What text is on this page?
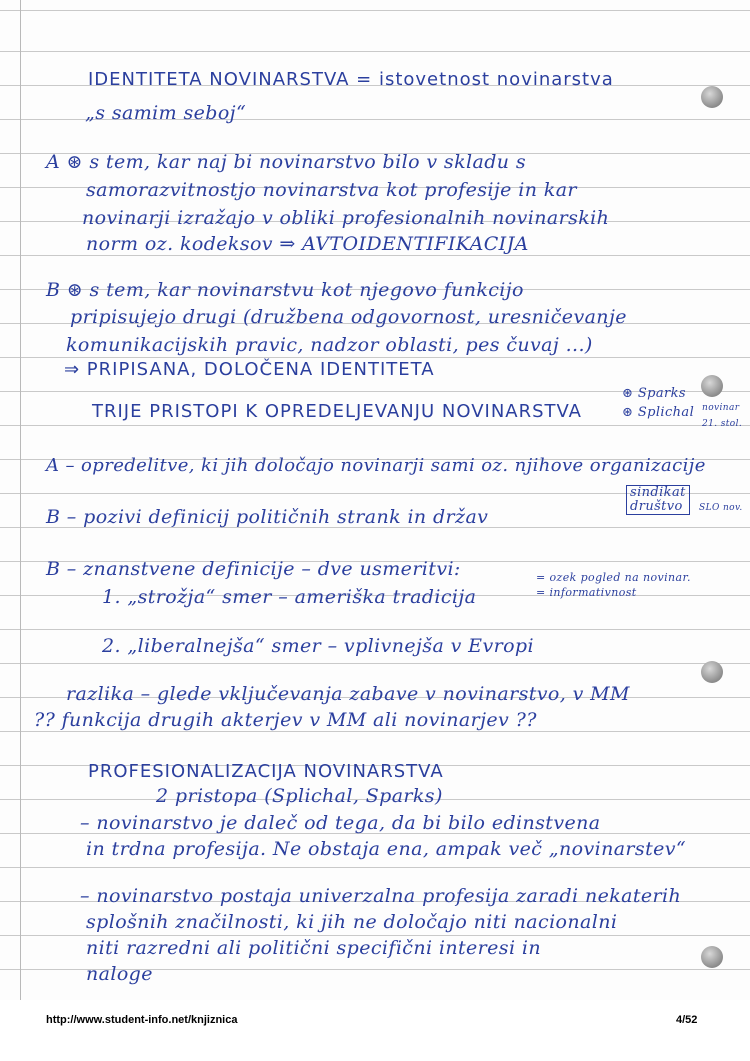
IDENTITETA NOVINARSTVA = istovetnost novinarstva
„s samim seboj“
A ⊛ s tem, kar naj bi novinarstvo bilo v skladu s
samorazvitnostjo novinarstva kot profesije in kar
novinarji izražajo v obliki profesionalnih novinarskih
norm oz. kodeksov ⇒ AVTOIDENTIFIKACIJA
B ⊛ s tem, kar novinarstvu kot njegovo funkcijo
pripisujejo drugi (družbena odgovornost, uresničevanje
komunikacijskih pravic, nadzor oblasti, pes čuvaj ...)
⇒ PRIPISANA, DOLOČENA IDENTITETA
TRIJE PRISTOPI K OPREDELJEVANJU NOVINARSTVA
⊛ Sparks
⊛ Splichal novinar
21. stol.
A – opredelitve, ki jih določajo novinarji sami oz. njihove organizacije
sindikat
društvo	SLO nov.
B – pozivi definicij političnih strank in držav
B – znanstvene definicije – dve usmeritvi:
1. „strožja“ smer – ameriška tradicija
= ozek pogled na novinar.
= informativnost
2. „liberalnejša“ smer – vplivnejša v Evropi
razlika – glede vključevanja zabave v novinarstvo, v MM
?? funkcija drugih akterjev v MM ali novinarjev ??
PROFESIONALIZACIJA NOVINARSTVA
2 pristopa (Splichal, Sparks)
– novinarstvo je daleč od tega, da bi bilo edinstvena
in trdna profesija. Ne obstaja ena, ampak več „novinarstev“
– novinarstvo postaja univerzalna profesija zaradi nekaterih
splošnih značilnosti, ki jih ne določajo niti nacionalni
niti razredni ali politični specifični interesi in
naloge
http://www.student-info.net/knjiznica	4/52
